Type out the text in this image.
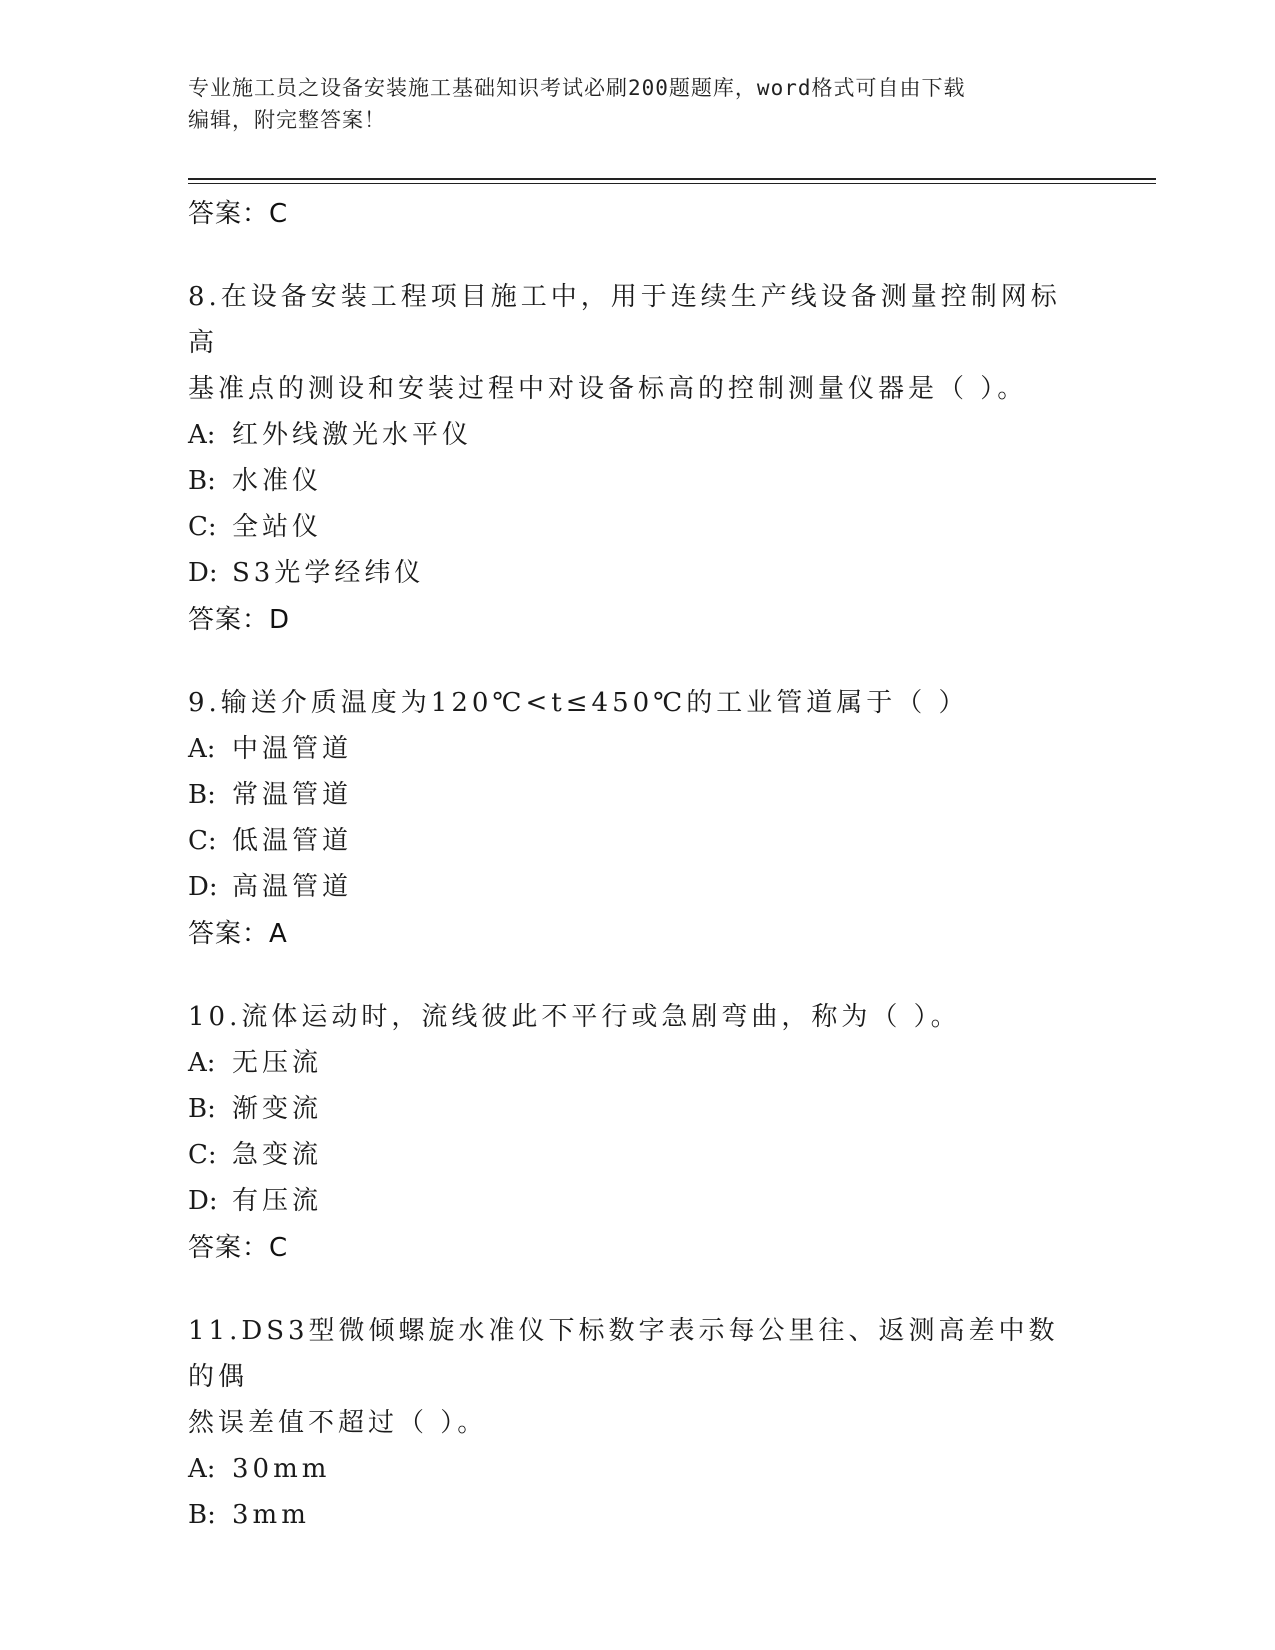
专业施工员之设备安装施工基础知识考试必刷200题题库，word格式可自由下载
编辑，附完整答案！
答案：C
8.在设备安装工程项目施工中，用于连续生产线设备测量控制网标高
基准点的测设和安装过程中对设备标高的控制测量仪器是（ ）。
A: 红外线激光水平仪
B: 水准仪
C: 全站仪
D: S3光学经纬仪
答案：D
9.输送介质温度为120℃<t≤450℃的工业管道属于（ ）
A: 中温管道
B: 常温管道
C: 低温管道
D: 高温管道
答案：A
10.流体运动时，流线彼此不平行或急剧弯曲，称为（ ）。
A: 无压流
B: 渐变流
C: 急变流
D: 有压流
答案：C
11.DS3型微倾螺旋水准仪下标数字表示每公里往、返测高差中数的偶
然误差值不超过（ ）。
A: 30mm
B: 3mm
